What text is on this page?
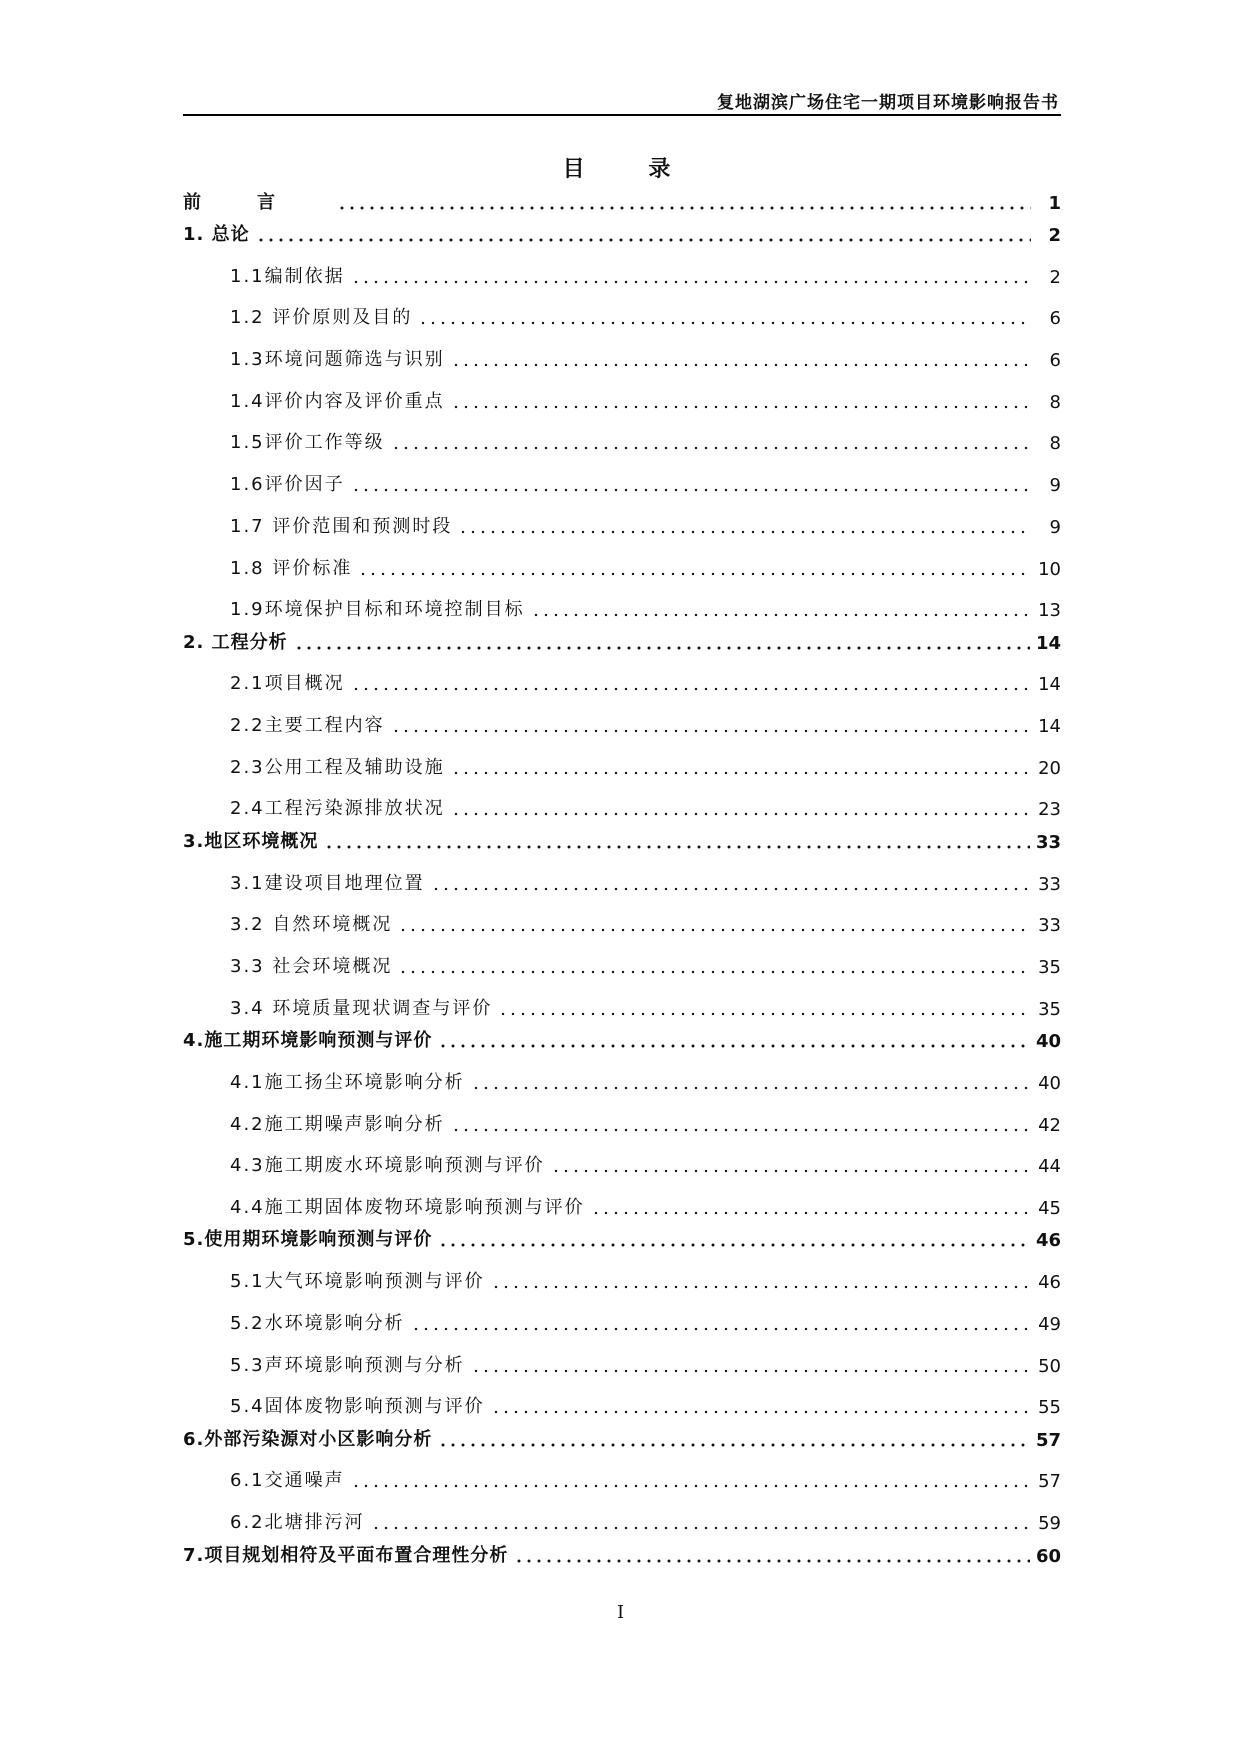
复地湖滨广场住宅一期项目环境影响报告书
目 录
前言	1
1. 总论	2
1.1编制依据	2
1.2 评价原则及目的	6
1.3环境问题筛选与识别	6
1.4评价内容及评价重点	8
1.5评价工作等级	8
1.6评价因子	9
1.7 评价范围和预测时段	9
1.8 评价标准	10
1.9环境保护目标和环境控制目标	13
2. 工程分析	14
2.1项目概况	14
2.2主要工程内容	14
2.3公用工程及辅助设施	20
2.4工程污染源排放状况	23
3.地区环境概况	33
3.1建设项目地理位置	33
3.2 自然环境概况	33
3.3 社会环境概况	35
3.4 环境质量现状调查与评价	35
4.施工期环境影响预测与评价	40
4.1施工扬尘环境影响分析	40
4.2施工期噪声影响分析	42
4.3施工期废水环境影响预测与评价	44
4.4施工期固体废物环境影响预测与评价	45
5.使用期环境影响预测与评价	46
5.1大气环境影响预测与评价	46
5.2水环境影响分析	49
5.3声环境影响预测与分析	50
5.4固体废物影响预测与评价	55
6.外部污染源对小区影响分析	57
6.1交通噪声	57
6.2北塘排污河	59
7.项目规划相符及平面布置合理性分析	60
I
